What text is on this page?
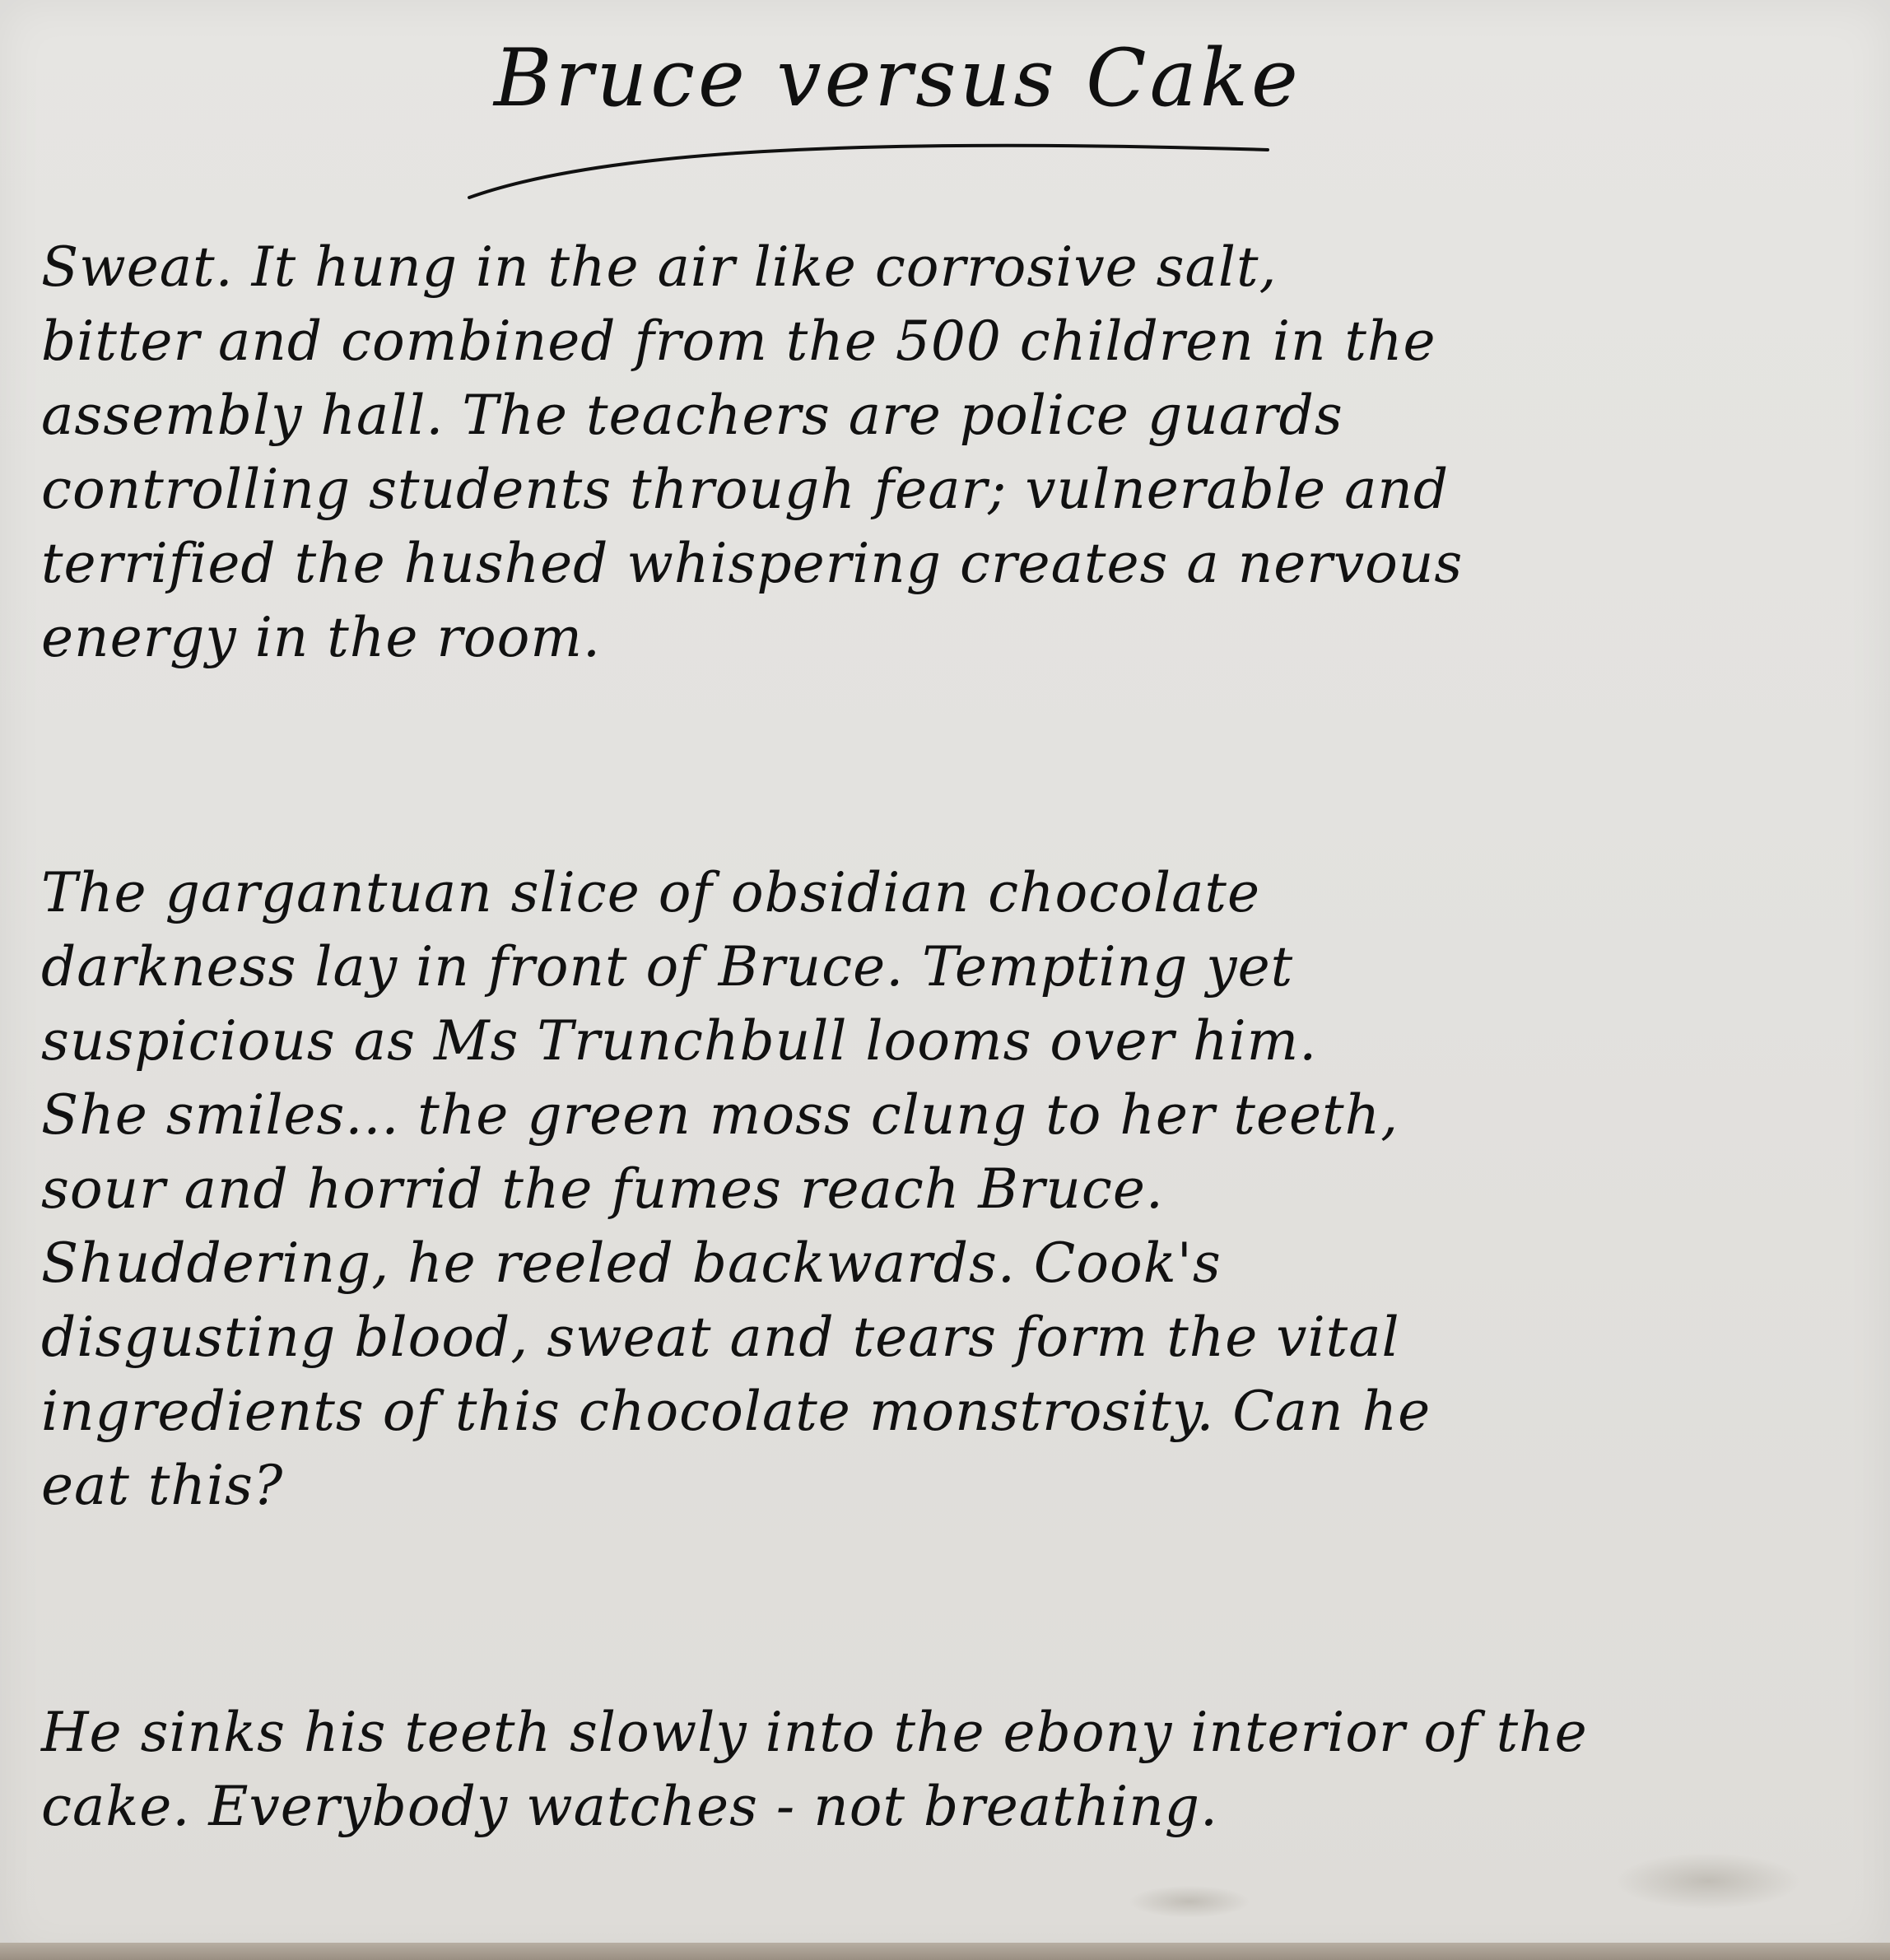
Bruce versus Cake
Sweat. It hung in the air like corrosive salt,
bitter and combined from the 500 children in the
assembly hall. The teachers are police guards
controlling students through fear; vulnerable and
terrified the hushed whispering creates a nervous
energy in the room.
The gargantuan slice of obsidian chocolate
darkness lay in front of Bruce. Tempting yet
suspicious as Ms Trunchbull looms over him.
She smiles... the green moss clung to her teeth,
sour and horrid the fumes reach Bruce.
Shuddering, he reeled backwards. Cook's
disgusting blood, sweat and tears form the vital
ingredients of this chocolate monstrosity. Can he
eat this?
He sinks his teeth slowly into the ebony interior of the
cake. Everybody watches - not breathing.
